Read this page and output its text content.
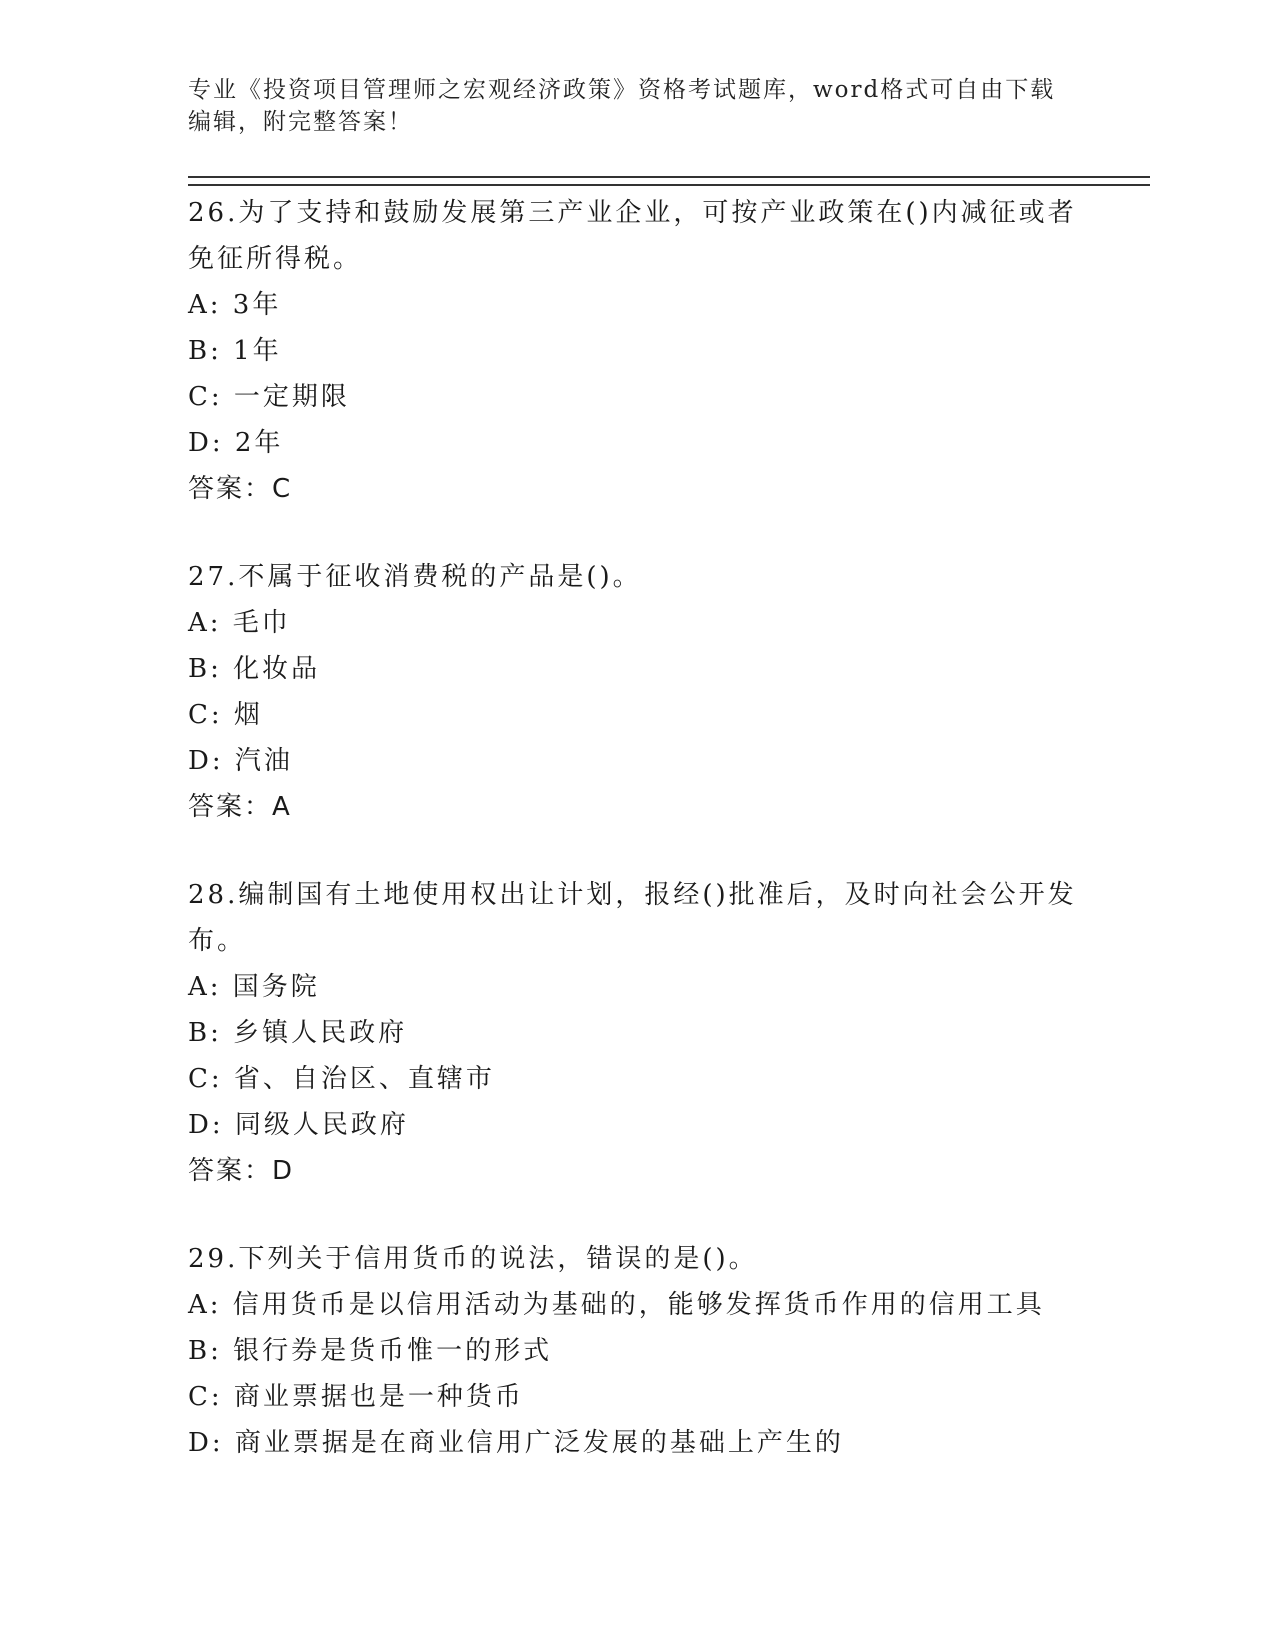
专业《投资项目管理师之宏观经济政策》资格考试题库，word格式可自由下载编辑，附完整答案！

26.为了支持和鼓励发展第三产业企业，可按产业政策在()内减征或者免征所得税。

A: 3年

B: 1年

C: 一定期限

D: 2年

答案：C

27.不属于征收消费税的产品是()。

A: 毛巾

B: 化妆品

C: 烟

D: 汽油

答案：A

28.编制国有土地使用权出让计划，报经()批准后，及时向社会公开发布。

A: 国务院

B: 乡镇人民政府

C: 省、自治区、直辖市

D: 同级人民政府

答案：D

29.下列关于信用货币的说法，错误的是()。

A: 信用货币是以信用活动为基础的，能够发挥货币作用的信用工具

B: 银行券是货币惟一的形式

C: 商业票据也是一种货币

D: 商业票据是在商业信用广泛发展的基础上产生的
